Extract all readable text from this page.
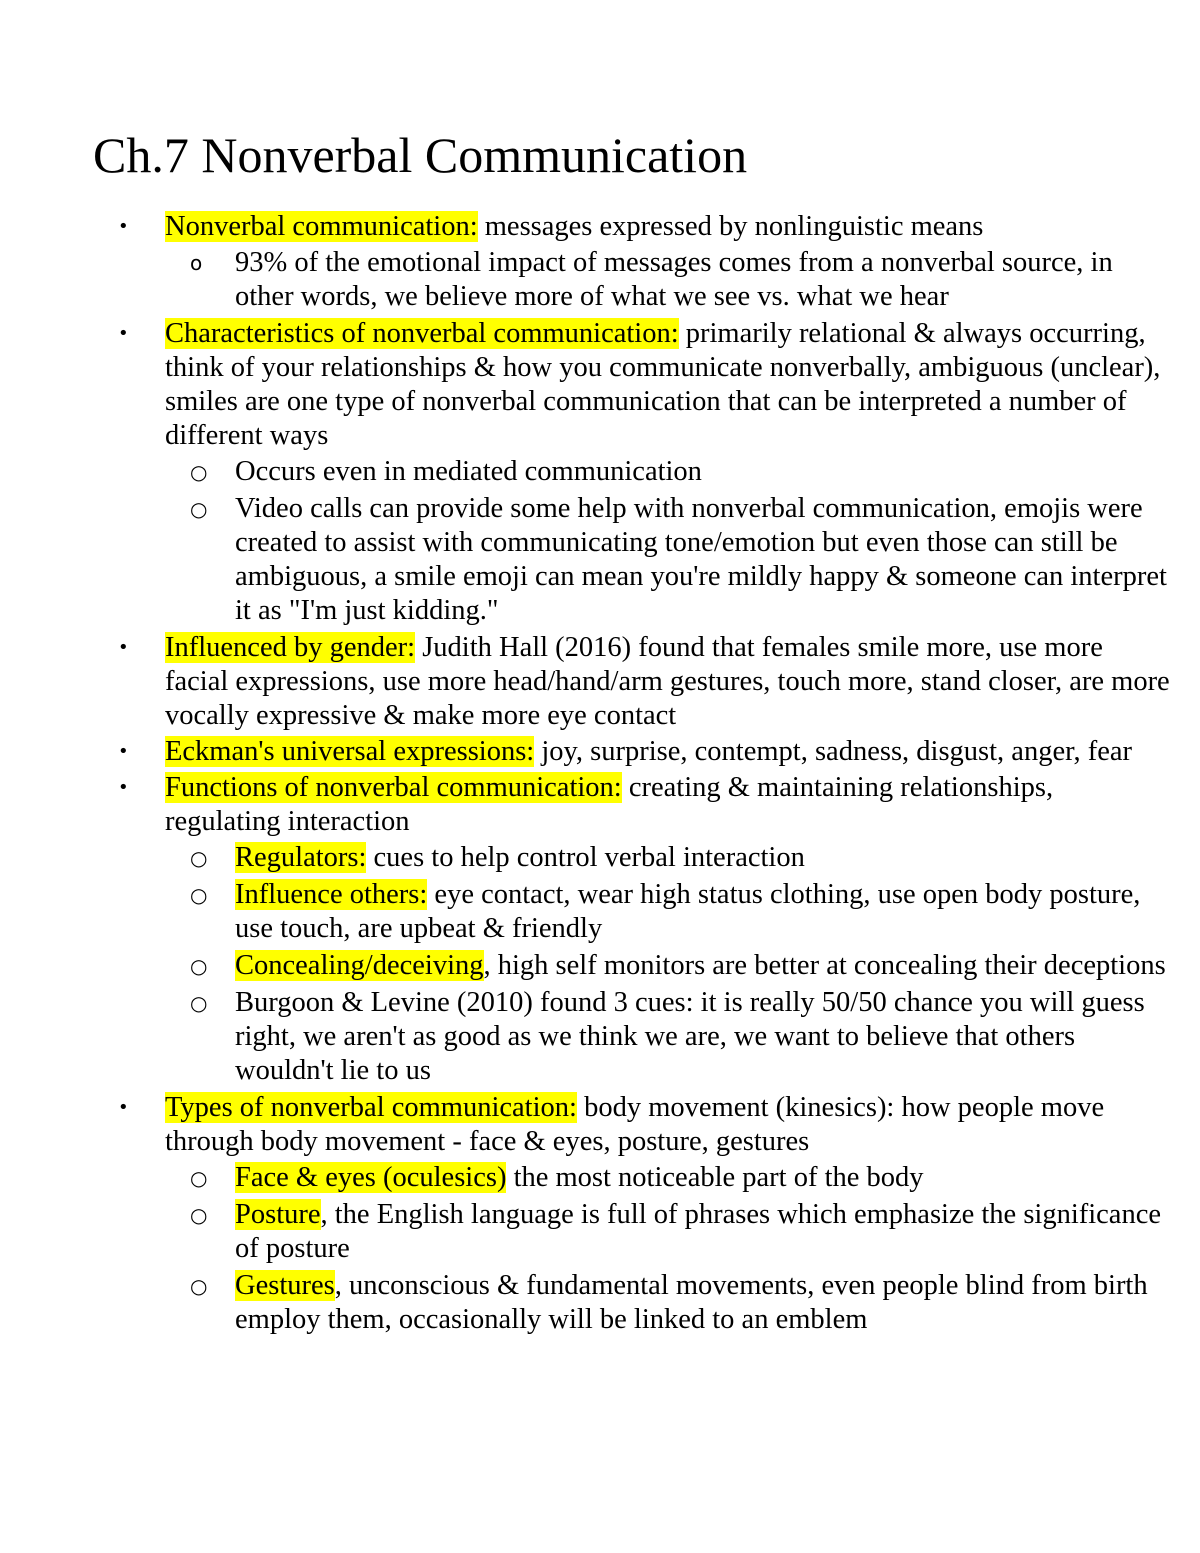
Ch.7 Nonverbal Communication
• Nonverbal communication: messages expressed by nonlinguistic means
o 93% of the emotional impact of messages comes from a nonverbal source, in other words, we believe more of what we see vs. what we hear
• Characteristics of nonverbal communication: primarily relational & always occurring, think of your relationships & how you communicate nonverbally, ambiguous (unclear), smiles are one type of nonverbal communication that can be interpreted a number of different ways
○ Occurs even in mediated communication
○ Video calls can provide some help with nonverbal communication, emojis were created to assist with communicating tone/emotion but even those can still be ambiguous, a smile emoji can mean you're mildly happy & someone can interpret it as "I'm just kidding."
• Influenced by gender: Judith Hall (2016) found that females smile more, use more facial expressions, use more head/hand/arm gestures, touch more, stand closer, are more vocally expressive & make more eye contact
• Eckman's universal expressions: joy, surprise, contempt, sadness, disgust, anger, fear
• Functions of nonverbal communication: creating & maintaining relationships, regulating interaction
○ Regulators: cues to help control verbal interaction
○ Influence others: eye contact, wear high status clothing, use open body posture, use touch, are upbeat & friendly
○ Concealing/deceiving, high self monitors are better at concealing their deceptions
○ Burgoon & Levine (2010) found 3 cues: it is really 50/50 chance you will guess right, we aren't as good as we think we are, we want to believe that others wouldn't lie to us
• Types of nonverbal communication: body movement (kinesics): how people move through body movement - face & eyes, posture, gestures
○ Face & eyes (oculesics) the most noticeable part of the body
○ Posture, the English language is full of phrases which emphasize the significance of posture
○ Gestures, unconscious & fundamental movements, even people blind from birth employ them, occasionally will be linked to an emblem
